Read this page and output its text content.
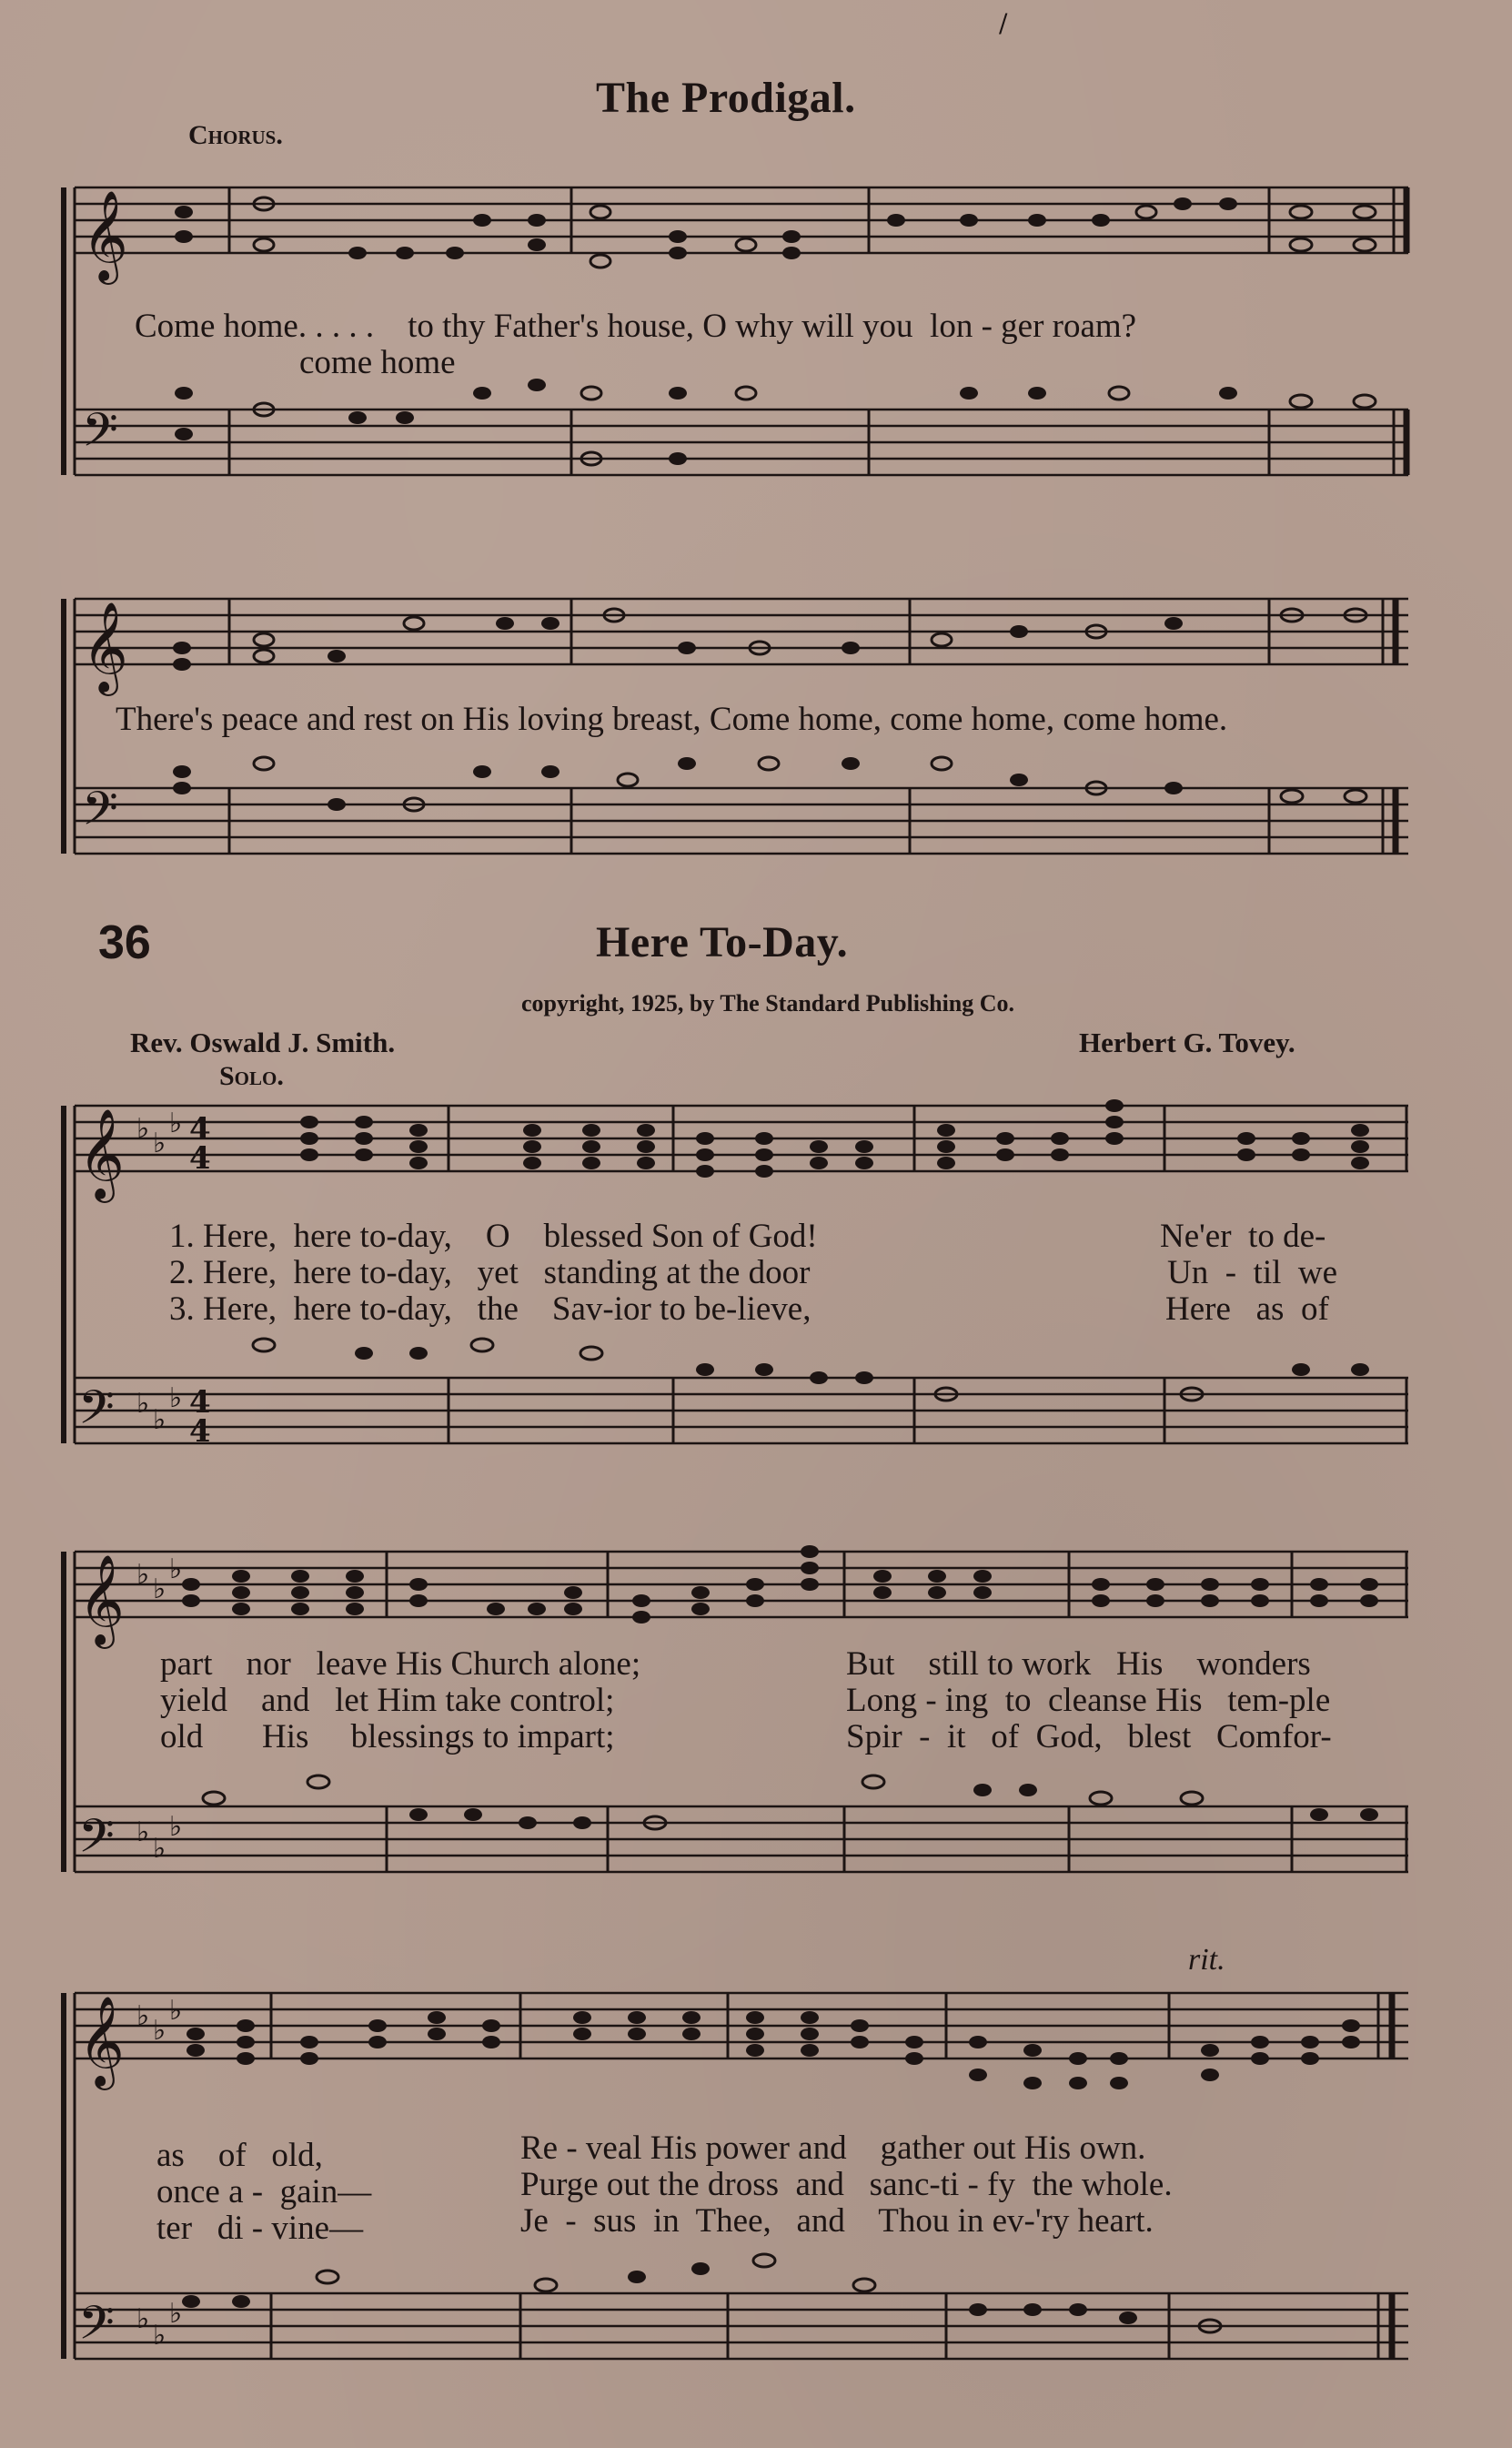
/
The Prodigal.
Chorus.
𝄞
𝄢
Come home. . . . .    to thy Father's house, O why will you  lon - ger roam?
come home
𝄞
𝄢
There's peace and rest on His loving breast, Come home, come home, come home.
36	Here To-Day.
copyright, 1925, by The Standard Publishing Co.
Rev. Oswald J. Smith.	Herbert G. Tovey.
Solo.
𝄞
𝄢
♭ ♭
♭
♭
♭
♭
4
4
4
4
1. Here,  here to-day,    O    blessed Son of God!
2. Here,  here to-day,   yet   standing at the door
3. Here,  here to-day,   the    Sav-ior to be-lieve,
Ne'er  to de-
Un  -  til  we
Here   as  of
𝄞
𝄢
♭ ♭
♭
♭
♭
♭
part    nor   leave His Church alone;
yield    and   let Him take control;
old       His     blessings to impart;
But    still to work   His    wonders
Long - ing  to  cleanse His   tem-ple
Spir  -  it   of  God,   blest   Comfor-
rit.
𝄞
𝄢
♭ ♭
♭
♭
♭
♭
as    of   old,
once a -  gain—
ter   di - vine—
Re - veal His power and    gather out His own.
Purge out the dross  and   sanc-ti - fy  the whole.
Je  -  sus  in  Thee,   and    Thou in ev-'ry heart.
